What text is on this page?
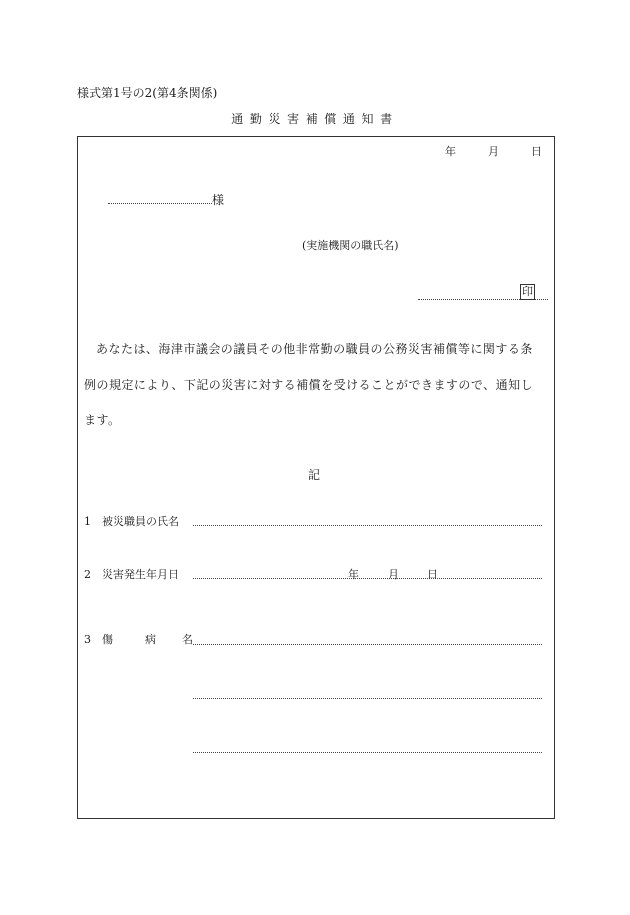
様式第1号の2(第4条関係)
通勤災害補償通知書
年	月	日
様
(実施機関の職氏名)
印
あなたは、海津市議会の議員その他非常勤の職員の公務災害補償等に関する条
例の規定により、下記の災害に対する補償を受けることができますので、通知し
ます。
記
1 被災職員の氏名
2 災害発生年月日	年	月	日
3 傷	病 名
